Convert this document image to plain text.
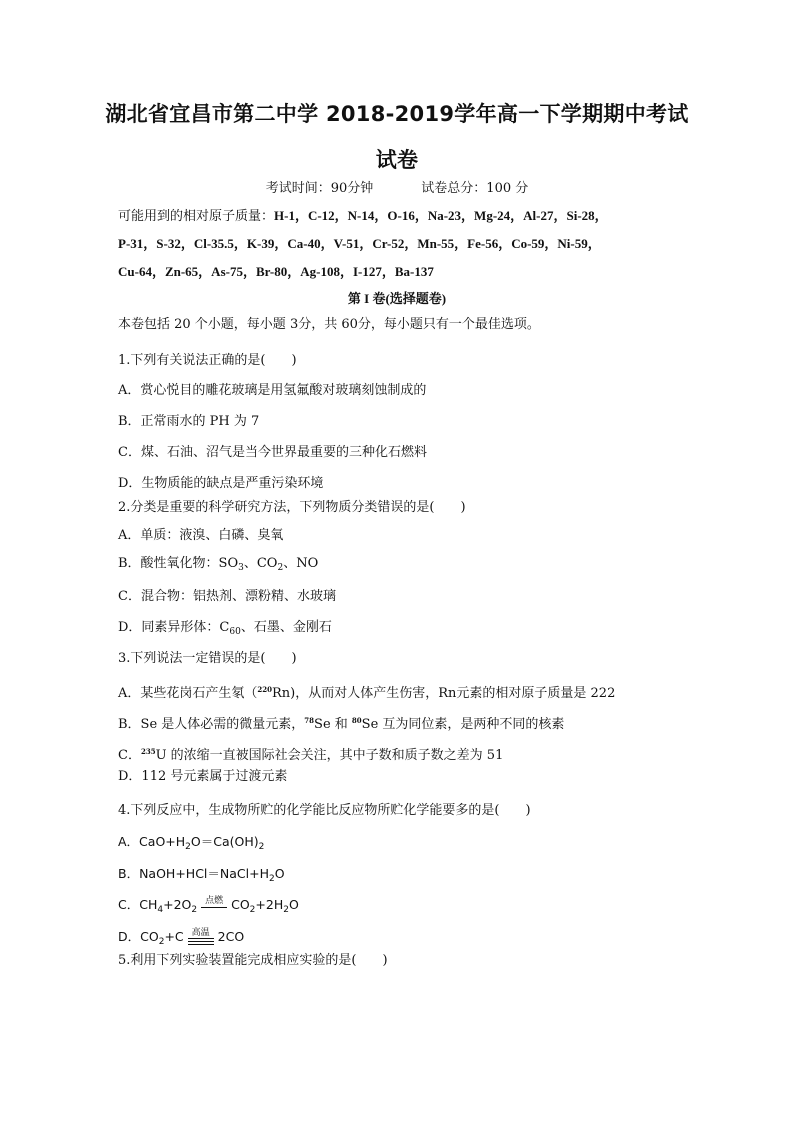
湖北省宜昌市第二中学 2018-2019学年高一下学期期中考试
试卷
考试时间：90分钟	试卷总分：100 分
可能用到的相对原子质量：H-1，C-12，N-14，O-16，Na-23，Mg-24，Al-27，Si-28，
P-31，S-32，Cl-35.5，K-39，Ca-40，V-51，Cr-52，Mn-55，Fe-56，Co-59，Ni-59，
Cu-64，Zn-65，As-75，Br-80，Ag-108，I-127，Ba-137
第 I 卷(选择题卷)
本卷包括 20 个小题，每小题 3分，共 60分，每小题只有一个最佳选项。
1.下列有关说法正确的是(　　)
A．赏心悦目的雕花玻璃是用氢氟酸对玻璃刻蚀制成的
B．正常雨水的 PH 为 7
C．煤、石油、沼气是当今世界最重要的三种化石燃料
D．生物质能的缺点是严重污染环境
2.分类是重要的科学研究方法，下列物质分类错误的是(　　)
A．单质：液溴、白磷、臭氧
B．酸性氧化物：$SO_3$、$CO_2$、NO
C．混合物：铝热剂、漂粉精、水玻璃
D．同素异形体：$C_{60}$、石墨、金刚石
3.下列说法一定错误的是(　　)
A．某些花岗石产生氡（$^{220}$Rn)，从而对人体产生伤害，Rn元素的相对原子质量是 222
B．Se 是人体必需的微量元素，$^{78}$Se 和 $^{80}$Se 互为同位素，是两种不同的核素
C．$^{235}$U 的浓缩一直被国际社会关注，其中子数和质子数之差为 51
D．112 号元素属于过渡元素
4.下列反应中，生成物所贮的化学能比反应物所贮化学能要多的是(　　)
A．$CaO+H_2O=Ca(OH)_2$
B．$NaOH+HCl=NaCl+H_2O$
C．$CH_4+2O_2$
点燃 $CO_2+2H_2O$
D．$CO_2+C$ 高温 2CO
5.利用下列实验装置能完成相应实验的是(　　)
